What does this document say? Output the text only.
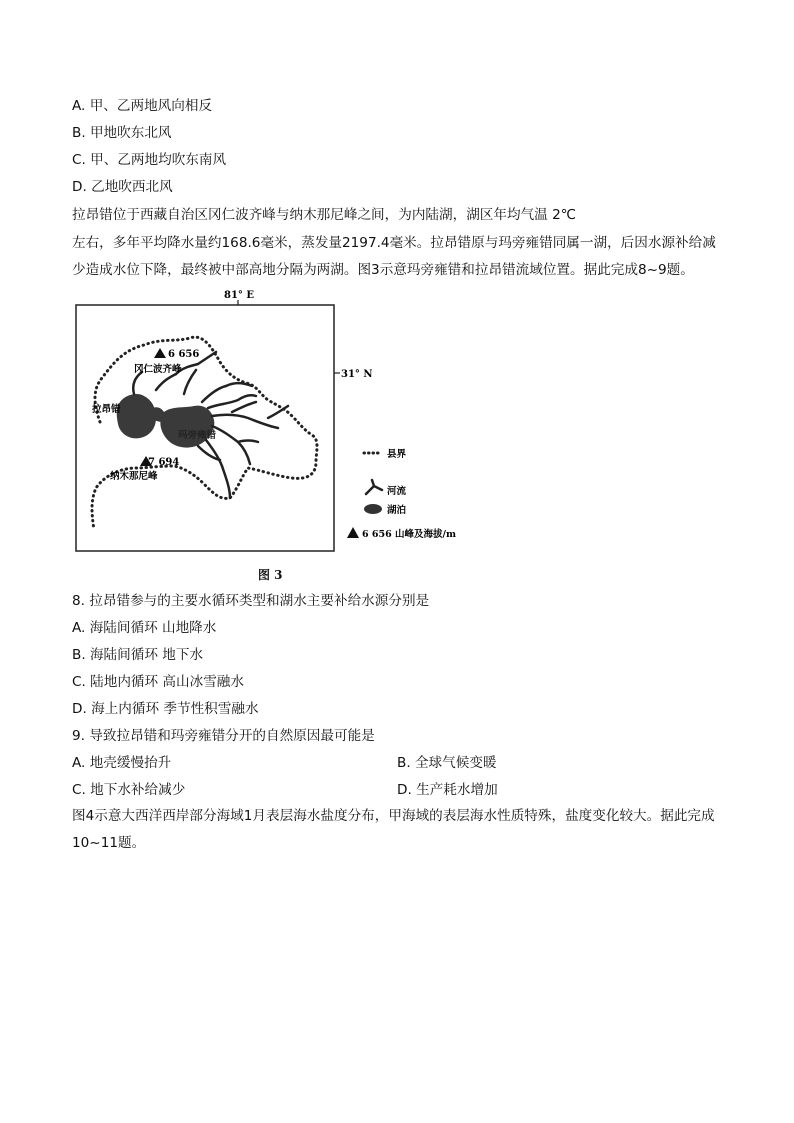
A. 甲、乙两地风向相反
B. 甲地吹东北风
C. 甲、乙两地均吹东南风
D. 乙地吹西北风
拉昂错位于西藏自治区冈仁波齐峰与纳木那尼峰之间，为内陆湖，湖区年均气温 2℃
左右，多年平均降水量约168.6毫米，蒸发量2197.4毫米。拉昂错原与玛旁雍错同属一湖，后因水源补给减
少造成水位下降，最终被中部高地分隔为两湖。图3示意玛旁雍错和拉昂错流域位置。据此完成8~9题。
81° E
31° N
6 656
冈仁波齐峰
7 694
纳木那尼峰
拉昂错
玛旁雍错
县界
河流
湖泊
6 656 山峰及海拔/m
图 3
8. 拉昂错参与的主要水循环类型和湖水主要补给水源分别是
A. 海陆间循环 山地降水
B. 海陆间循环 地下水
C. 陆地内循环 高山冰雪融水
D. 海上内循环 季节性积雪融水
9. 导致拉昂错和玛旁雍错分开的自然原因最可能是
A. 地壳缓慢抬升	B. 全球气候变暖
C. 地下水补给减少	D. 生产耗水增加
图4示意大西洋西岸部分海域1月表层海水盐度分布，甲海域的表层海水性质特殊，盐度变化较大。据此完成10~11题。
